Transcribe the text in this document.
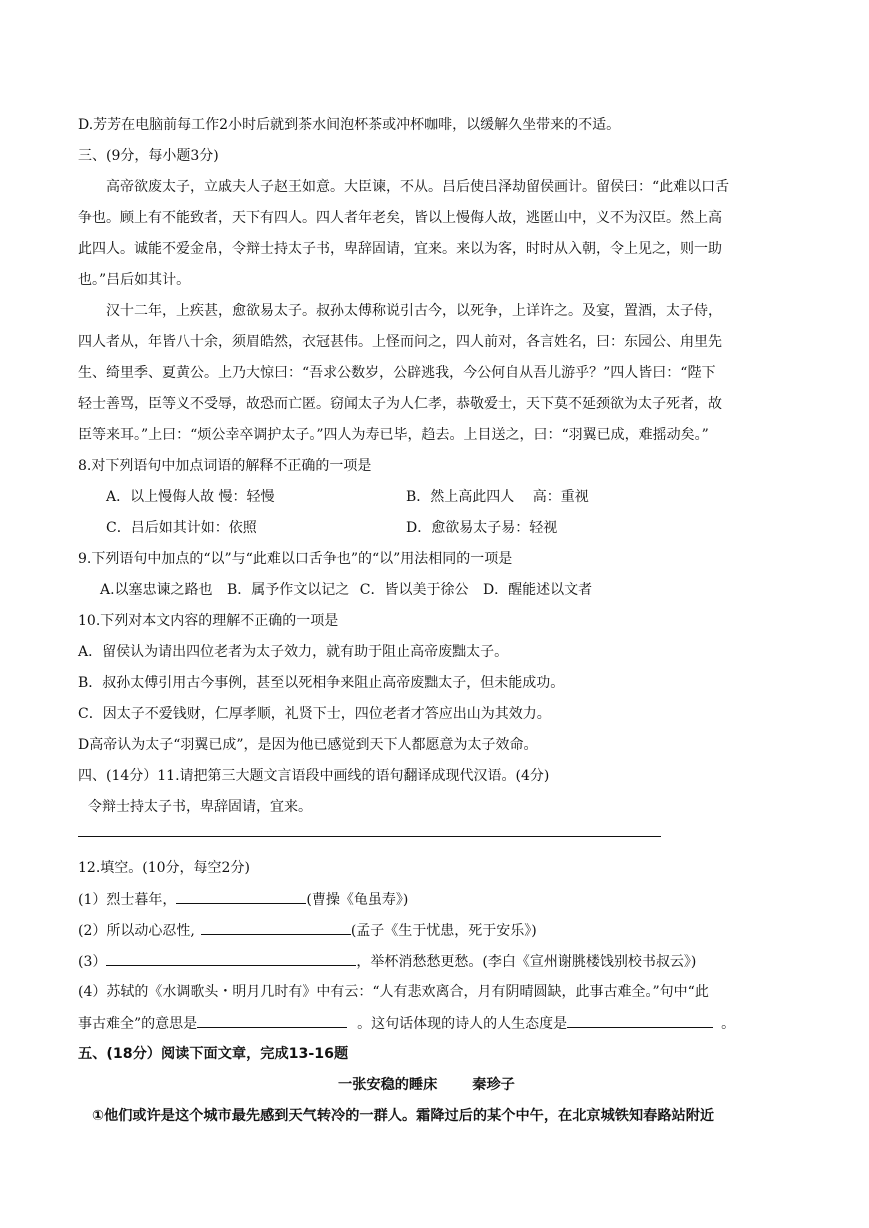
D.芳芳在电脑前每工作2小时后就到茶水间泡杯茶或冲杯咖啡，以缓解久坐带来的不适。
三、(9分，每小题3分)
高帝欲废太子，立戚夫人子赵王如意。大臣谏，不从。吕后使吕泽劫留侯画计。留侯曰：“此难以口舌
争也。顾上有不能致者，天下有四人。四人者年老矣，皆以上慢侮人故，逃匿山中，义不为汉臣。然上高
此四人。诚能不爱金帛，令辩士持太子书，卑辞固请，宜来。来以为客，时时从入朝，令上见之，则一助
也。”吕后如其计。
汉十二年，上疾甚，愈欲易太子。叔孙太傅称说引古今，以死争，上详许之。及宴，置酒，太子侍，
四人者从，年皆八十余，须眉皓然，衣冠甚伟。上怪而问之，四人前对，各言姓名，曰：东园公、甪里先
生、绮里季、夏黄公。上乃大惊曰：“吾求公数岁，公辟逃我，今公何自从吾儿游乎？”四人皆曰：“陛下
轻士善骂，臣等义不受辱，故恐而亡匿。窃闻太子为人仁孝，恭敬爱士，天下莫不延颈欲为太子死者，故
臣等来耳。”上曰：“烦公幸卒调护太子。”四人为寿已毕，趋去。上目送之，曰：“羽翼已成，难摇动矣。”
8.对下列语句中加点词语的解释不正确的一项是
A．以上慢侮人故 慢：轻慢	B．然上高此四人　 高：重视
C．吕后如其计如：依照	D．愈欲易太子易：轻视
9.下列语句中加点的“以”与“此难以口舌争也”的“以”用法相同的一项是
A.以塞忠谏之路也 B．属予作文以记之 C．皆以美于徐公 D．醒能述以文者
10.下列对本文内容的理解不正确的一项是
A．留侯认为请出四位老者为太子效力，就有助于阻止高帝废黜太子。
B．叔孙太傅引用古今事例，甚至以死相争来阻止高帝废黜太子，但未能成功。
C．因太子不爱钱财，仁厚孝顺，礼贤下士，四位老者才答应出山为其效力。
D高帝认为太子“羽翼已成”，是因为他已感觉到天下人都愿意为太子效命。
四、(14分）11.请把第三大题文言语段中画线的语句翻译成现代汉语。(4分)
令辩士持太子书，卑辞固请，宜来。
12.填空。(10分，每空2分)
(1）烈士暮年，	(曹操《龟虽寿》)
(2）所以动心忍性,	(孟子《生于忧患，死于安乐》)
(3）	，举杯消愁愁更愁。(李白《宣州谢朓楼饯别校书叔云》)
(4）苏轼的《水调歌头・明月几时有》中有云：“人有悲欢离合，月有阴晴圆缺，此事古难全。”句中“此
事古难全”的意思是	。这句话体现的诗人的人生态度是	。
五、(18分）阅读下面文章，完成13-16题
一张安稳的睡床 秦珍子
①他们或许是这个城市最先感到天气转冷的一群人。霜降过后的某个中午，在北京城铁知春路站附近
